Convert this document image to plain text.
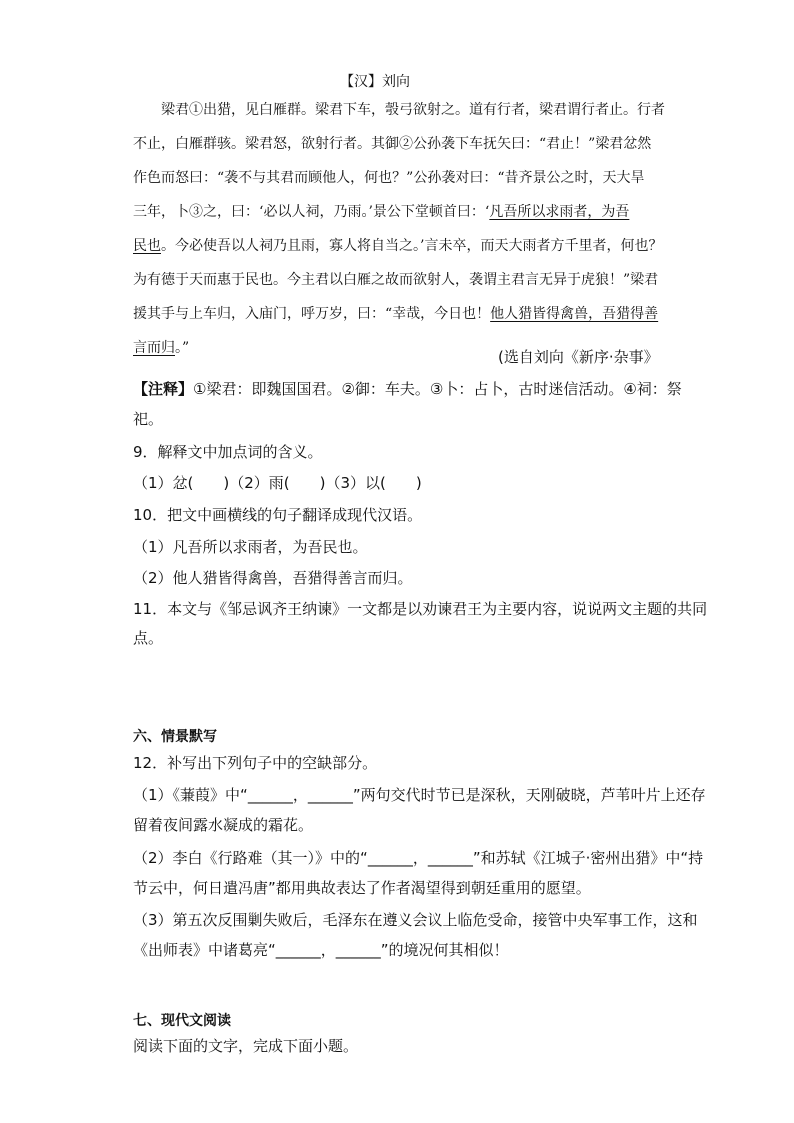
【汉】刘向
　　梁君①出猎，见白雁群。梁君下车，彀弓欲射之。道有行者，梁君谓行者止。行者
不止，白雁群骇。梁君怒，欲射行者。其御②公孙袭下车抚矢曰：“君止！”梁君忿然
作色而怒曰：“袭不与其君而顾他人，何也？”公孙袭对曰：“昔齐景公之时，天大旱
三年，卜③之，曰：‘必以人祠，乃雨。’景公下堂顿首曰：‘凡吾所以求雨者，为吾
民也。今必使吾以人祠乃且雨，寡人将自当之。’言未卒，而天大雨者方千里者，何也？
为有德于天而惠于民也。今主君以白雁之故而欲射人，袭谓主君言无异于虎狼！”梁君
援其手与上车归，入庙门，呼万岁，曰：“幸哉，今日也！他人猎皆得禽兽，吾猎得善
言而归。”	(选自刘向《新序·杂事》
【注释】①梁君：即魏国国君。②御：车夫。③卜：占卜，古时迷信活动。④祠：祭
祀。
9．解释文中加点词的含义。
（1）忿(　　)（2）雨(　　)（3）以(　　)
10．把文中画横线的句子翻译成现代汉语。
（1）凡吾所以求雨者，为吾民也。
（2）他人猎皆得禽兽，吾猎得善言而归。
11．本文与《邹忌讽齐王纳谏》一文都是以劝谏君王为主要内容，说说两文主题的共同
点。
六、情景默写
12．补写出下列句子中的空缺部分。
（1）《蒹葭》中“______，______”两句交代时节已是深秋，天刚破晓，芦苇叶片上还存
留着夜间露水凝成的霜花。
（2）李白《行路难（其一）》中的“______，______”和苏轼《江城子·密州出猎》中“持
节云中，何日遣冯唐”都用典故表达了作者渴望得到朝廷重用的愿望。
（3）第五次反围剿失败后，毛泽东在遵义会议上临危受命，接管中央军事工作，这和
《出师表》中诸葛亮“______，______”的境况何其相似！
七、现代文阅读
阅读下面的文字，完成下面小题。
